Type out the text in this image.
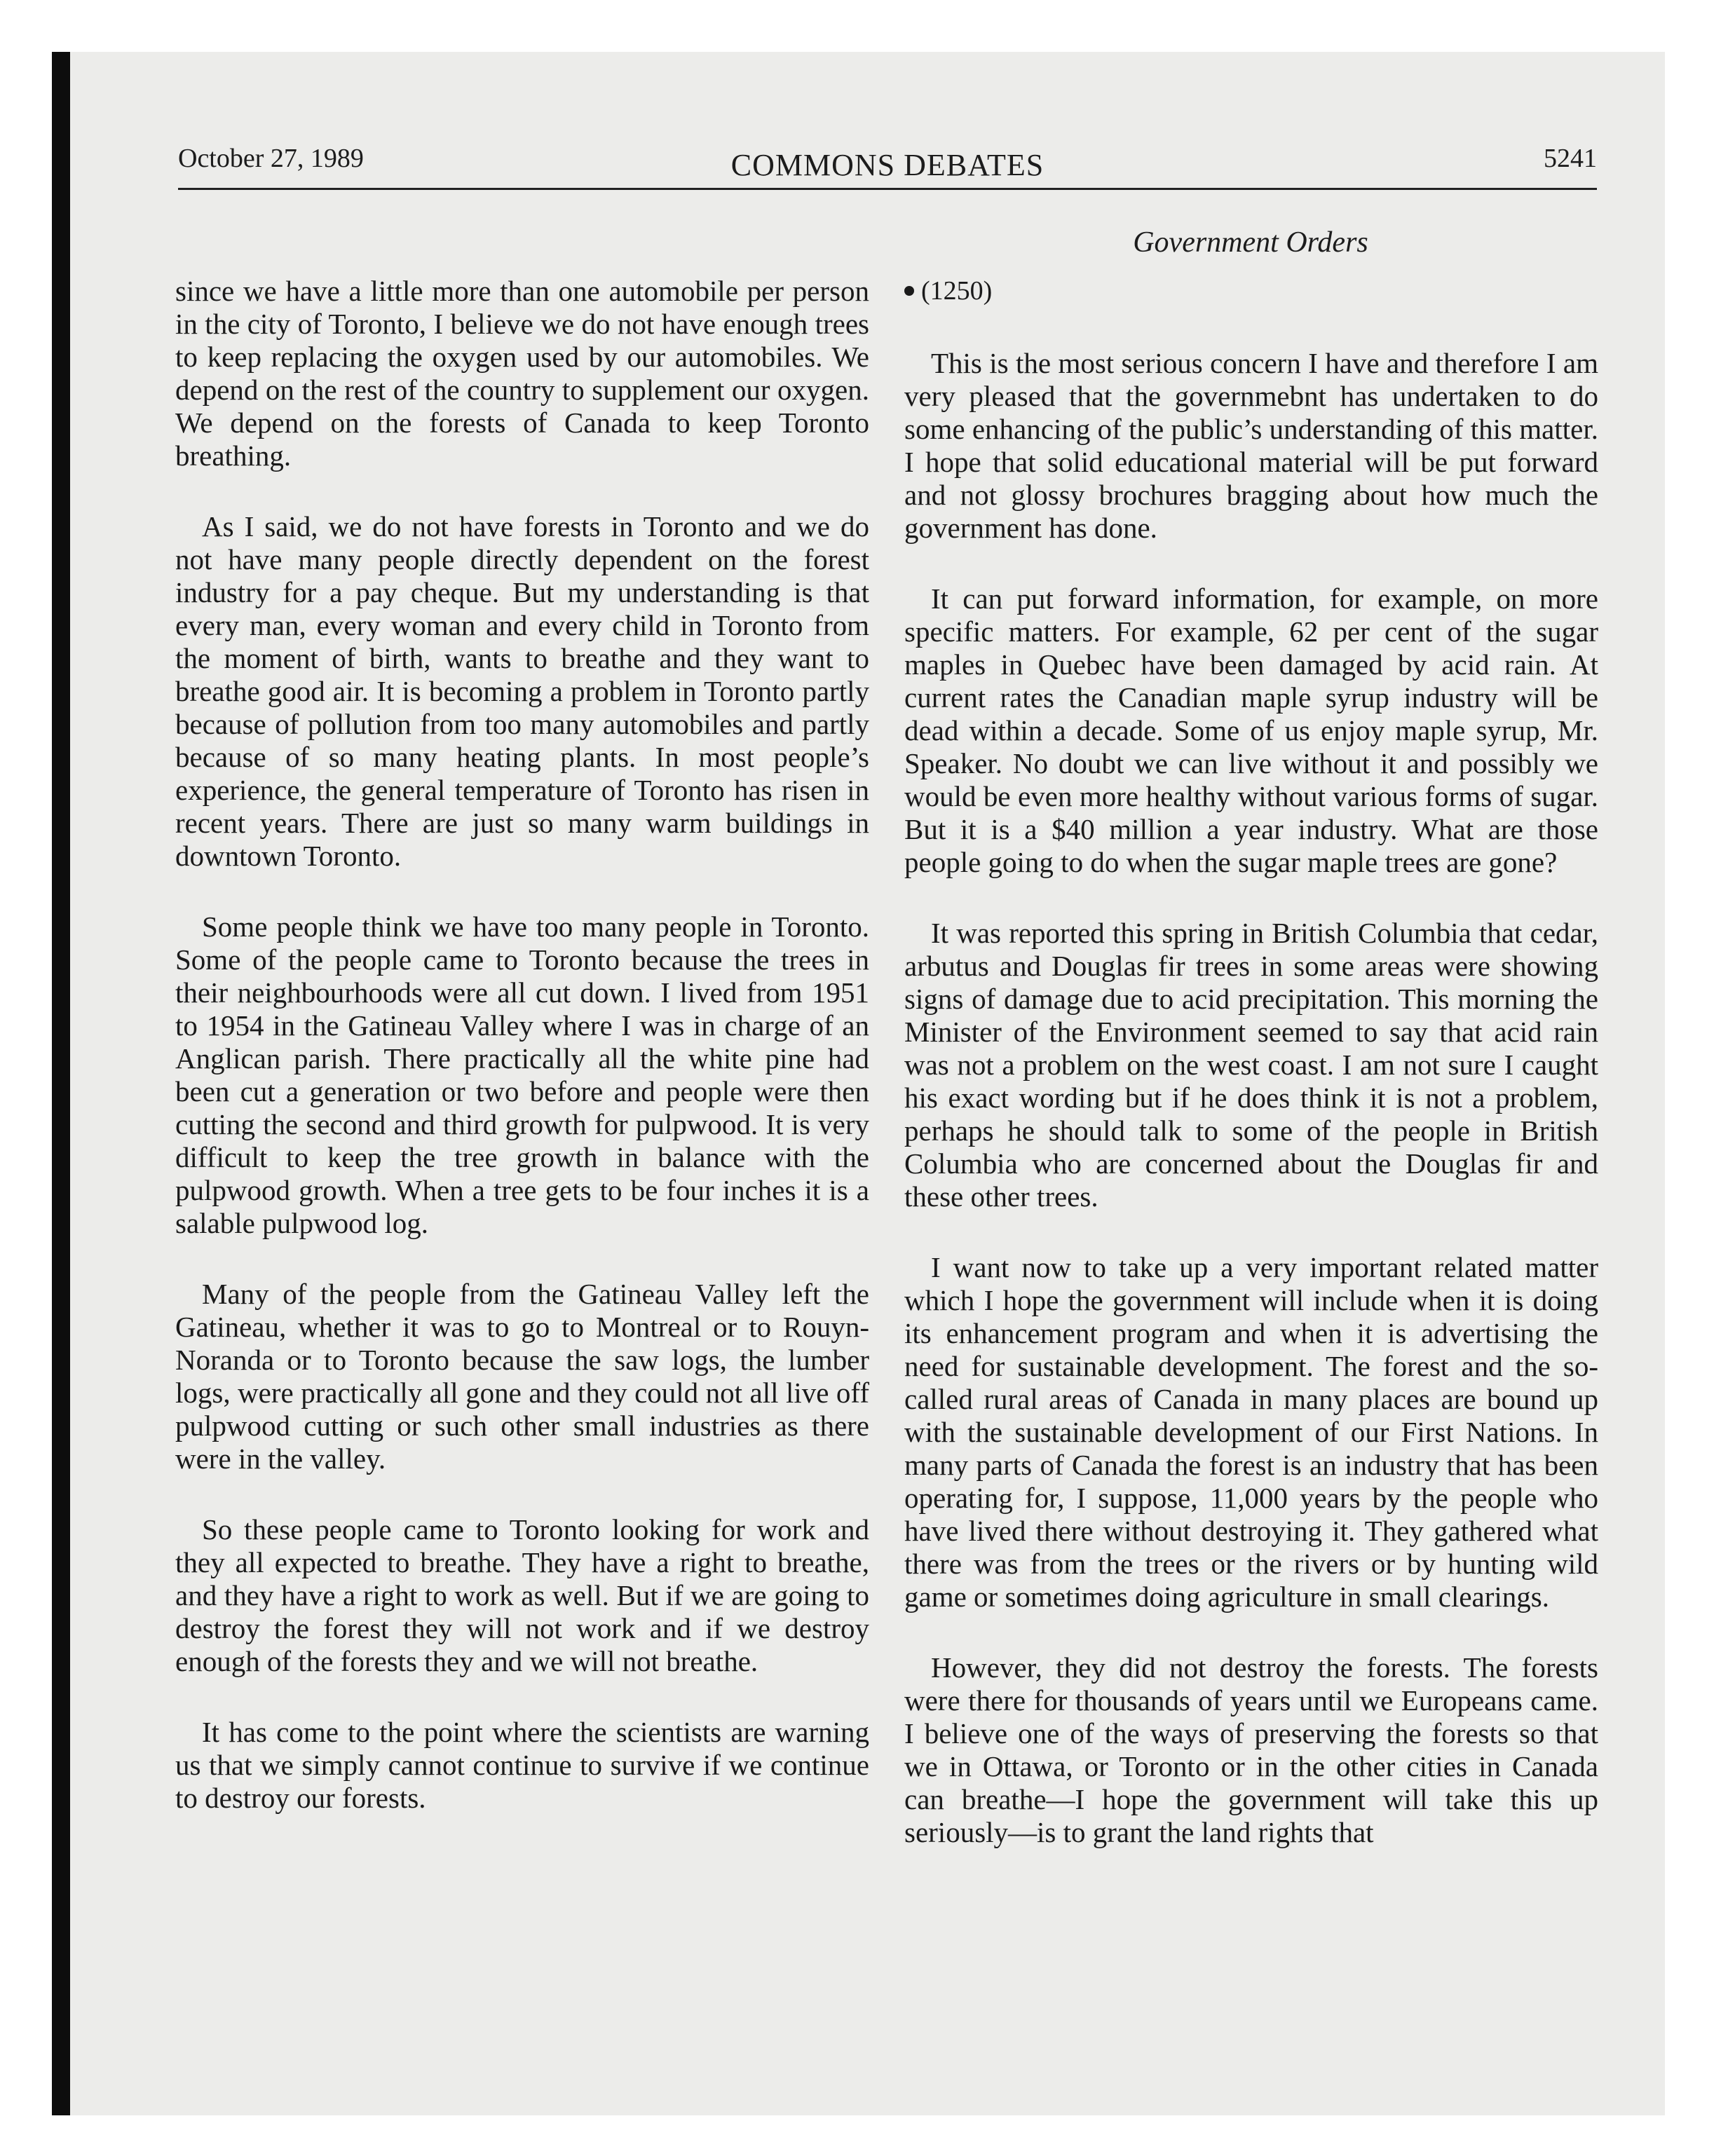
October 27, 1989	COMMONS DEBATES	5241
Government Orders

since we have a little more than one automobile per person in the city of Toronto, I believe we do not have enough trees to keep replacing the oxygen used by our automobiles. We depend on the rest of the country to supplement our oxygen. We depend on the forests of Canada to keep Toronto breathing.

As I said, we do not have forests in Toronto and we do not have many people directly dependent on the forest industry for a pay cheque. But my understanding is that every man, every woman and every child in Toronto from the moment of birth, wants to breathe and they want to breathe good air. It is becoming a problem in Toronto partly because of pollution from too many automobiles and partly because of so many heating plants. In most people’s experience, the general temperature of Toronto has risen in recent years. There are just so many warm buildings in downtown Toronto.

Some people think we have too many people in Toronto. Some of the people came to Toronto because the trees in their neighbourhoods were all cut down. I lived from 1951 to 1954 in the Gatineau Valley where I was in charge of an Anglican parish. There practically all the white pine had been cut a generation or two before and people were then cutting the second and third growth for pulpwood. It is very difficult to keep the tree growth in balance with the pulpwood growth. When a tree gets to be four inches it is a salable pulpwood log.

Many of the people from the Gatineau Valley left the Gatineau, whether it was to go to Montreal or to Rouyn-Noranda or to Toronto because the saw logs, the lumber logs, were practically all gone and they could not all live off pulpwood cutting or such other small industries as there were in the valley.

So these people came to Toronto looking for work and they all expected to breathe. They have a right to breathe, and they have a right to work as well. But if we are going to destroy the forest they will not work and if we destroy enough of the forests they and we will not breathe.

It has come to the point where the scientists are warning us that we simply cannot continue to survive if we continue to destroy our forests.

(1250)

This is the most serious concern I have and therefore I am very pleased that the governmebnt has undertaken to do some enhancing of the public’s understanding of this matter. I hope that solid educational material will be put forward and not glossy brochures bragging about how much the government has done.

It can put forward information, for example, on more specific matters. For example, 62 per cent of the sugar maples in Quebec have been damaged by acid rain. At current rates the Canadian maple syrup industry will be dead within a decade. Some of us enjoy maple syrup, Mr. Speaker. No doubt we can live without it and possibly we would be even more healthy without various forms of sugar. But it is a $40 million a year industry. What are those people going to do when the sugar maple trees are gone?

It was reported this spring in British Columbia that cedar, arbutus and Douglas fir trees in some areas were showing signs of damage due to acid precipitation. This morning the Minister of the Environment seemed to say that acid rain was not a problem on the west coast. I am not sure I caught his exact wording but if he does think it is not a problem, perhaps he should talk to some of the people in British Columbia who are concerned about the Douglas fir and these other trees.

I want now to take up a very important related matter which I hope the government will include when it is doing its enhancement program and when it is advertising the need for sustainable development. The forest and the so-called rural areas of Canada in many places are bound up with the sustainable development of our First Nations. In many parts of Canada the forest is an industry that has been operating for, I suppose, 11,000 years by the people who have lived there without destroying it. They gathered what there was from the trees or the rivers or by hunting wild game or sometimes doing agriculture in small clearings.

However, they did not destroy the forests. The forests were there for thousands of years until we Europeans came. I believe one of the ways of preserving the forests so that we in Ottawa, or Toronto or in the other cities in Canada can breathe—I hope the government will take this up seriously—is to grant the land rights that
